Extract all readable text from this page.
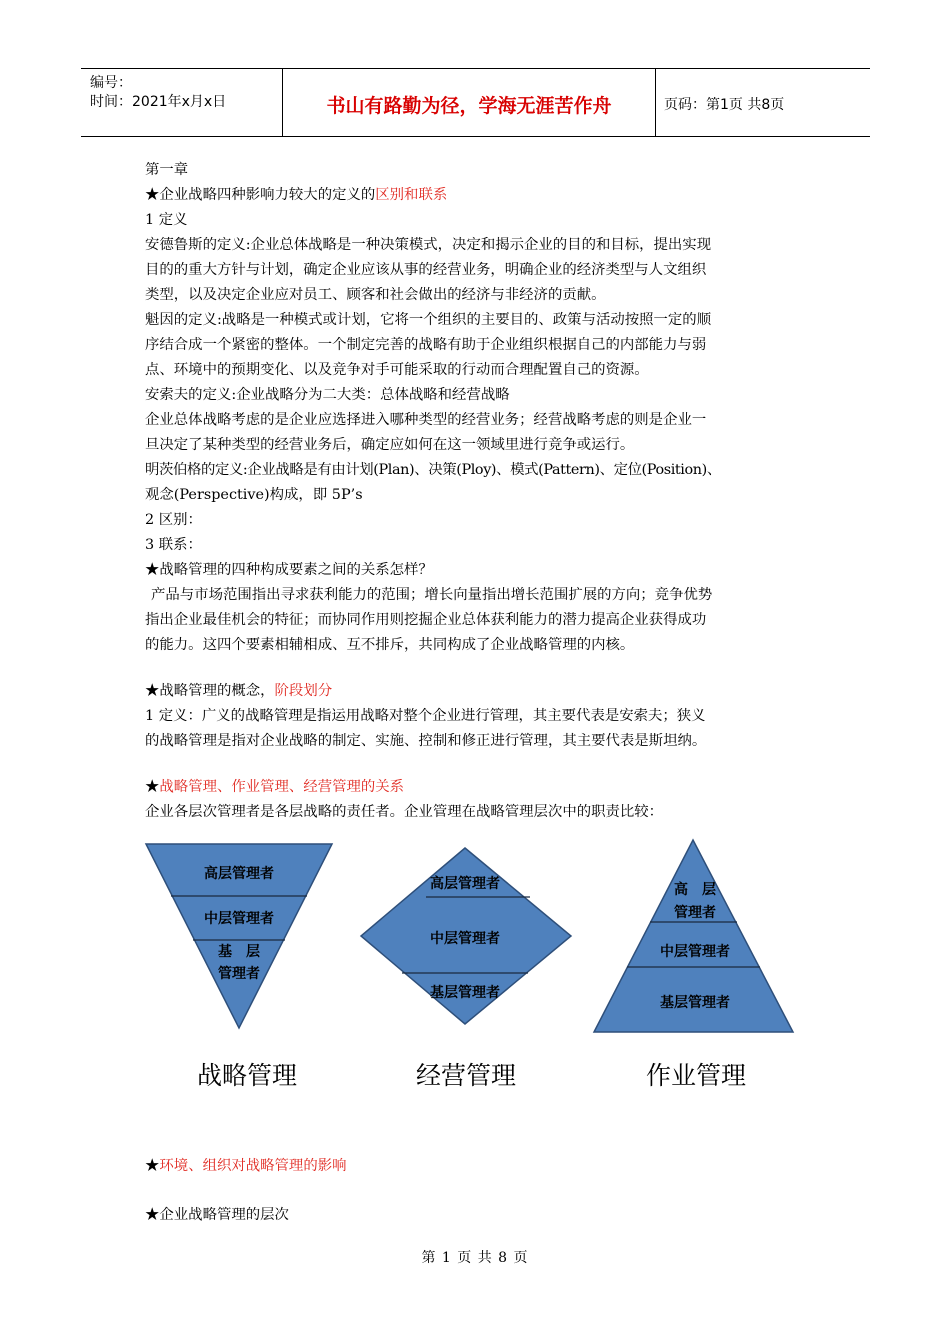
编号：
时间：2021年x月x日	书山有路勤为径，学海无涯苦作舟	页码：第1页 共8页
第一章
★企业战略四种影响力较大的定义的区别和联系
1 定义
安德鲁斯的定义:企业总体战略是一种决策模式，决定和揭示企业的目的和目标，提出实现
目的的重大方针与计划，确定企业应该从事的经营业务，明确企业的经济类型与人文组织
类型，以及决定企业应对员工、顾客和社会做出的经济与非经济的贡献。
魁因的定义:战略是一种模式或计划，它将一个组织的主要目的、政策与活动按照一定的顺
序结合成一个紧密的整体。一个制定完善的战略有助于企业组织根据自己的内部能力与弱
点、环境中的预期变化、以及竞争对手可能采取的行动而合理配置自己的资源。
安索夫的定义:企业战略分为二大类：总体战略和经营战略
企业总体战略考虑的是企业应选择进入哪种类型的经营业务；经营战略考虑的则是企业一
旦决定了某种类型的经营业务后，确定应如何在这一领域里进行竞争或运行。
明茨伯格的定义:企业战略是有由计划(Plan)、决策(Ploy)、模式(Pattern)、定位(Position)、
观念(Perspective)构成，即 5P’s
2 区别：
3 联系：
★战略管理的四种构成要素之间的关系怎样？
产品与市场范围指出寻求获利能力的范围；增长向量指出增长范围扩展的方向；竞争优势
指出企业最佳机会的特征；而协同作用则挖掘企业总体获利能力的潜力提高企业获得成功
的能力。这四个要素相辅相成、互不排斥，共同构成了企业战略管理的内核。
★战略管理的概念，阶段划分
1 定义：广义的战略管理是指运用战略对整个企业进行管理，其主要代表是安索夫；狭义
的战略管理是指对企业战略的制定、实施、控制和修正进行管理，其主要代表是斯坦纳。
★战略管理、作业管理、经营管理的关系
企业各层次管理者是各层战略的责任者。企业管理在战略管理层次中的职责比较：
高层管理者
中层管理者
基　层
管理者
高层管理者
中层管理者
基层管理者
高　层
管理者
中层管理者
基层管理者
战略管理	经营管理	作业管理
★环境、组织对战略管理的影响
★企业战略管理的层次
第 1 页 共 8 页
